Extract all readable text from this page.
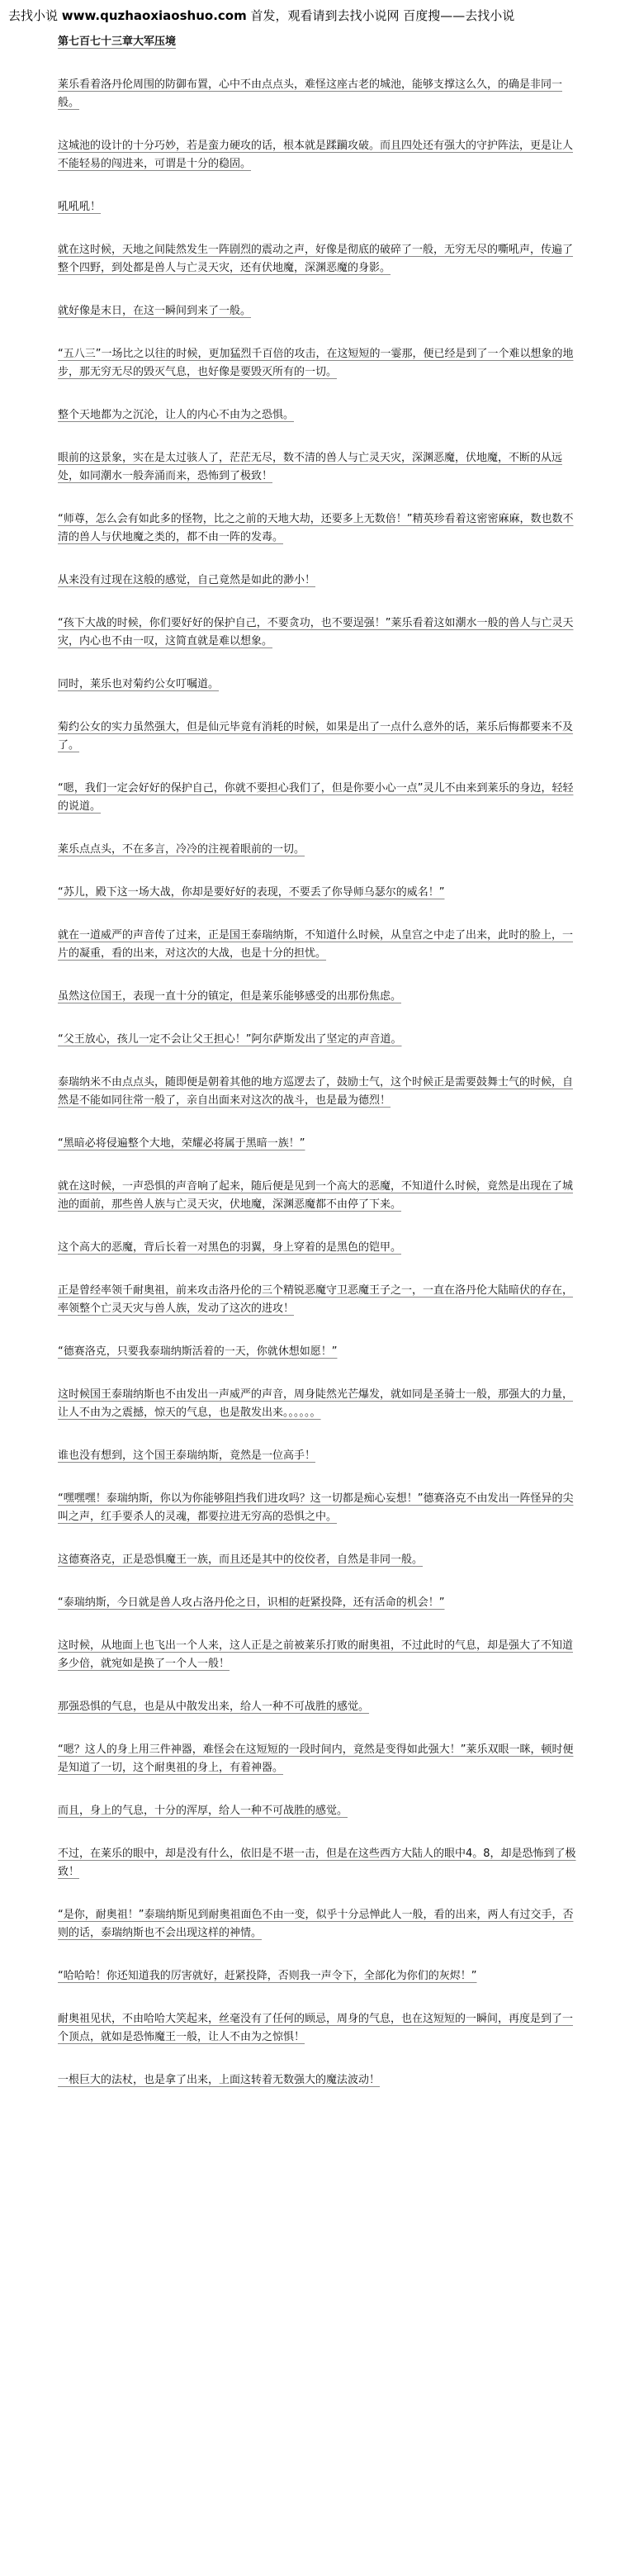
去找小说 www.quzhaoxiaoshuo.com 首发，观看请到去找小说网 百度搜——去找小说

第七百七十三章大军压境

莱乐看着洛丹伦周围的防御布置，心中不由点点头，难怪这座古老的城池，能够支撑这么久，的确是非同一般。

这城池的设计的十分巧妙，若是蛮力硬攻的话，根本就是蹂躏攻破。而且四处还有强大的守护阵法，更是让人不能轻易的闯进来，可谓是十分的稳固。

吼吼吼！

就在这时候，天地之间陡然发生一阵剧烈的震动之声，好像是彻底的破碎了一般，无穷无尽的嘶吼声，传遍了整个四野，到处都是兽人与亡灵天灾，还有伏地魔，深渊恶魔的身影。

就好像是末日，在这一瞬间到来了一般。

“五八三”一场比之以往的时候，更加猛烈千百倍的攻击，在这短短的一霎那，便已经是到了一个难以想象的地步，那无穷无尽的毁灭气息，也好像是要毁灭所有的一切。

整个天地都为之沉沦，让人的内心不由为之恐惧。

眼前的这景象，实在是太过骇人了，茫茫无尽，数不清的兽人与亡灵天灾，深渊恶魔，伏地魔，不断的从远处，如同潮水一般奔涌而来，恐怖到了极致！

“师尊，怎么会有如此多的怪物，比之之前的天地大劫，还要多上无数倍！”精英珍看着这密密麻麻，数也数不清的兽人与伏地魔之类的，都不由一阵的发毒。

从来没有过现在这般的感觉，自己竟然是如此的渺小！

“孩下大战的时候，你们要好好的保护自己，不要贪功，也不要逞强！”莱乐看着这如潮水一般的兽人与亡灵天灾，内心也不由一叹，这简直就是难以想象。

同时，莱乐也对菊约公女叮嘱道。

菊约公女的实力虽然强大，但是仙元毕竟有消耗的时候，如果是出了一点什么意外的话，莱乐后悔都要来不及了。

“嗯，我们一定会好好的保护自己，你就不要担心我们了，但是你要小心一点”灵儿不由来到莱乐的身边，轻轻的说道。

莱乐点点头，不在多言，冷冷的注视着眼前的一切。

“苏儿，殿下这一场大战，你却是要好好的表现，不要丢了你导师乌瑟尔的威名！”

就在一道威严的声音传了过来，正是国王泰瑞纳斯，不知道什么时候，从皇宫之中走了出来，此时的脸上，一片的凝重，看的出来，对这次的大战，也是十分的担忧。

虽然这位国王，表现一直十分的镇定，但是莱乐能够感受的出那份焦虑。

“父王放心，孩儿一定不会让父王担心！”阿尔萨斯发出了坚定的声音道。

泰瑞纳米不由点点头，随即便是朝着其他的地方巡逻去了，鼓励士气，这个时候正是需要鼓舞士气的时候，自然是不能如同往常一般了，亲自出面来对这次的战斗，也是最为德烈！

“黑暗必将侵遍整个大地，荣耀必将属于黑暗一族！”

就在这时候，一声恐惧的声音响了起来，随后便是见到一个高大的恶魔，不知道什么时候，竟然是出现在了城池的面前，那些兽人族与亡灵天灾，伏地魔，深渊恶魔都不由停了下来。

这个高大的恶魔，背后长着一对黑色的羽翼，身上穿着的是黑色的铠甲。

正是曾经率领千耐奥祖，前来攻击洛丹伦的三个精锐恶魔守卫恶魔王子之一，一直在洛丹伦大陆暗伏的存在，率领整个亡灵天灾与兽人族，发动了这次的进攻！

“德赛洛克，只要我泰瑞纳斯活着的一天，你就休想如愿！”

这时候国王泰瑞纳斯也不由发出一声威严的声音，周身陡然光芒爆发，就如同是圣骑士一般，那强大的力量，让人不由为之震撼，惊天的气息，也是散发出来。。。。。。

谁也没有想到，这个国王泰瑞纳斯，竟然是一位高手！

“嘿嘿嘿！泰瑞纳斯，你以为你能够阻挡我们进攻吗？这一切都是痴心妄想！”德赛洛克不由发出一阵怪异的尖叫之声，红手要杀人的灵魂，都要拉进无穷高的恐惧之中。

这德赛洛克，正是恐惧魔王一族，而且还是其中的佼佼者，自然是非同一般。

“泰瑞纳斯，今日就是兽人攻占洛丹伦之日，识相的赶紧投降，还有活命的机会！”

这时候，从地面上也飞出一个人来，这人正是之前被莱乐打败的耐奥祖，不过此时的气息，却是强大了不知道多少倍，就宛如是换了一个人一般！

那强恐惧的气息，也是从中散发出来，给人一种不可战胜的感觉。

“嗯？这人的身上用三件神器，难怪会在这短短的一段时间内，竟然是变得如此强大！”莱乐双眼一眯，顿时便是知道了一切，这个耐奥祖的身上，有着神器。

而且，身上的气息，十分的浑厚，给人一种不可战胜的感觉。

不过，在莱乐的眼中，却是没有什么，依旧是不堪一击，但是在这些西方大陆人的眼中4。8，却是恐怖到了极致！

“是你，耐奥祖！”泰瑞纳斯见到耐奥祖面色不由一变，似乎十分忌惮此人一般，看的出来，两人有过交手，否则的话，泰瑞纳斯也不会出现这样的神情。

“哈哈哈！你还知道我的厉害就好，赶紧投降，否则我一声令下，全部化为你们的灰烬！”

耐奥祖见状，不由哈哈大笑起来，丝毫没有了任何的顾忌，周身的气息，也在这短短的一瞬间，再度是到了一个顶点，就如是恐怖魔王一般，让人不由为之惊惧！

一根巨大的法杖，也是拿了出来，上面这转着无数强大的魔法波动！
